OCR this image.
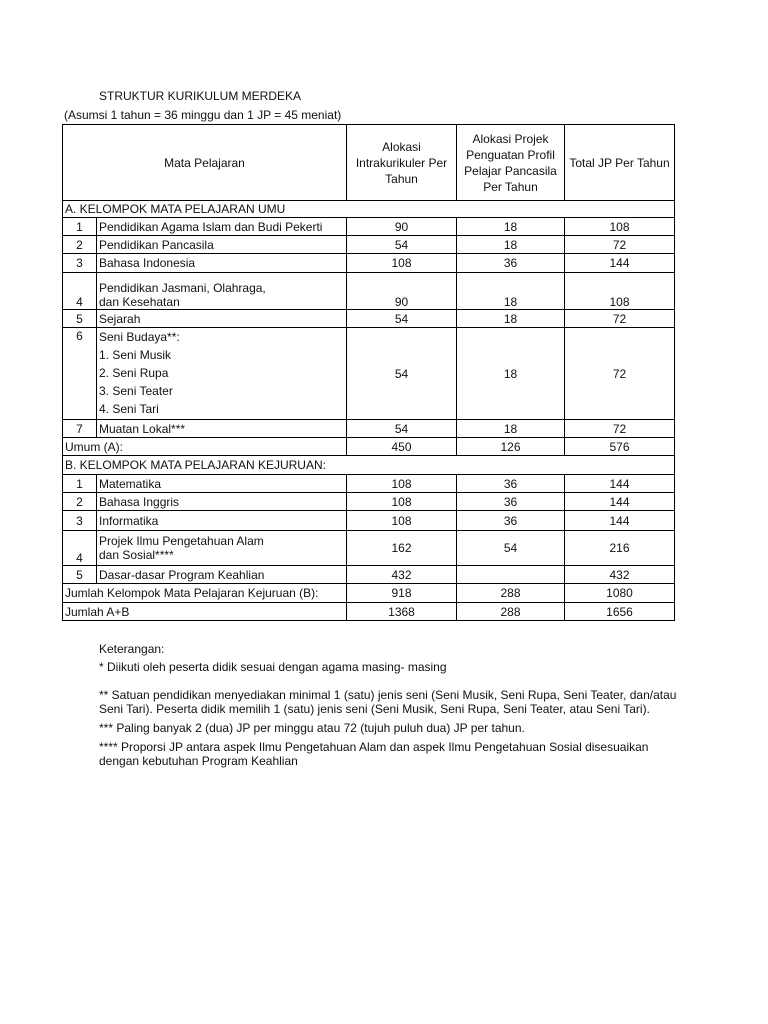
STRUKTUR KURIKULUM MERDEKA
(Asumsi 1 tahun = 36 minggu dan 1 JP = 45 meniat)
Mata Pelajaran		Alokasi Intrakurikuler Per Tahun	Alokasi Projek Penguatan Profil Pelajar Pancasila Per Tahun	Total JP Per Tahun
A. KELOMPOK MATA PELAJARAN UMU				
1	Pendidikan Agama Islam dan Budi Pekerti	90	18	108
2	Pendidikan Pancasila	54	18	72
3	Bahasa Indonesia	108	36	144
4	Pendidikan Jasmani, Olahraga,
dan Kesehatan	90	18	108
5	Sejarah	54	18	72
6	Seni Budaya**:
1. Seni Musik
2. Seni Rupa
3. Seni Teater
4. Seni Tari	54	18	72
7	Muatan Lokal***	54	18	72
Umum (A):		450	126	576
B. KELOMPOK MATA PELAJARAN KEJURUAN:				
1	Matematika	108	36	144
2	Bahasa Inggris	108	36	144
3	Informatika	108	36	144
4	Projek Ilmu Pengetahuan Alam
dan Sosial****	162	54	216
5	Dasar-dasar Program Keahlian	432		432
Jumlah Kelompok Mata Pelajaran Kejuruan (B):		918	288	1080
Jumlah A+B		1368	288	1656

Keterangan:

* Diikuti oleh peserta didik sesuai dengan agama masing- masing

** Satuan pendidikan menyediakan minimal 1 (satu) jenis seni (Seni Musik, Seni Rupa, Seni Teater, dan/atau Seni Tari). Peserta didik memilih 1 (satu) jenis seni (Seni Musik, Seni Rupa, Seni Teater, atau Seni Tari).

*** Paling banyak 2 (dua) JP per minggu atau 72 (tujuh puluh dua) JP per tahun.

**** Proporsi JP antara aspek Ilmu Pengetahuan Alam dan aspek Ilmu Pengetahuan Sosial disesuaikan dengan kebutuhan Program Keahlian
